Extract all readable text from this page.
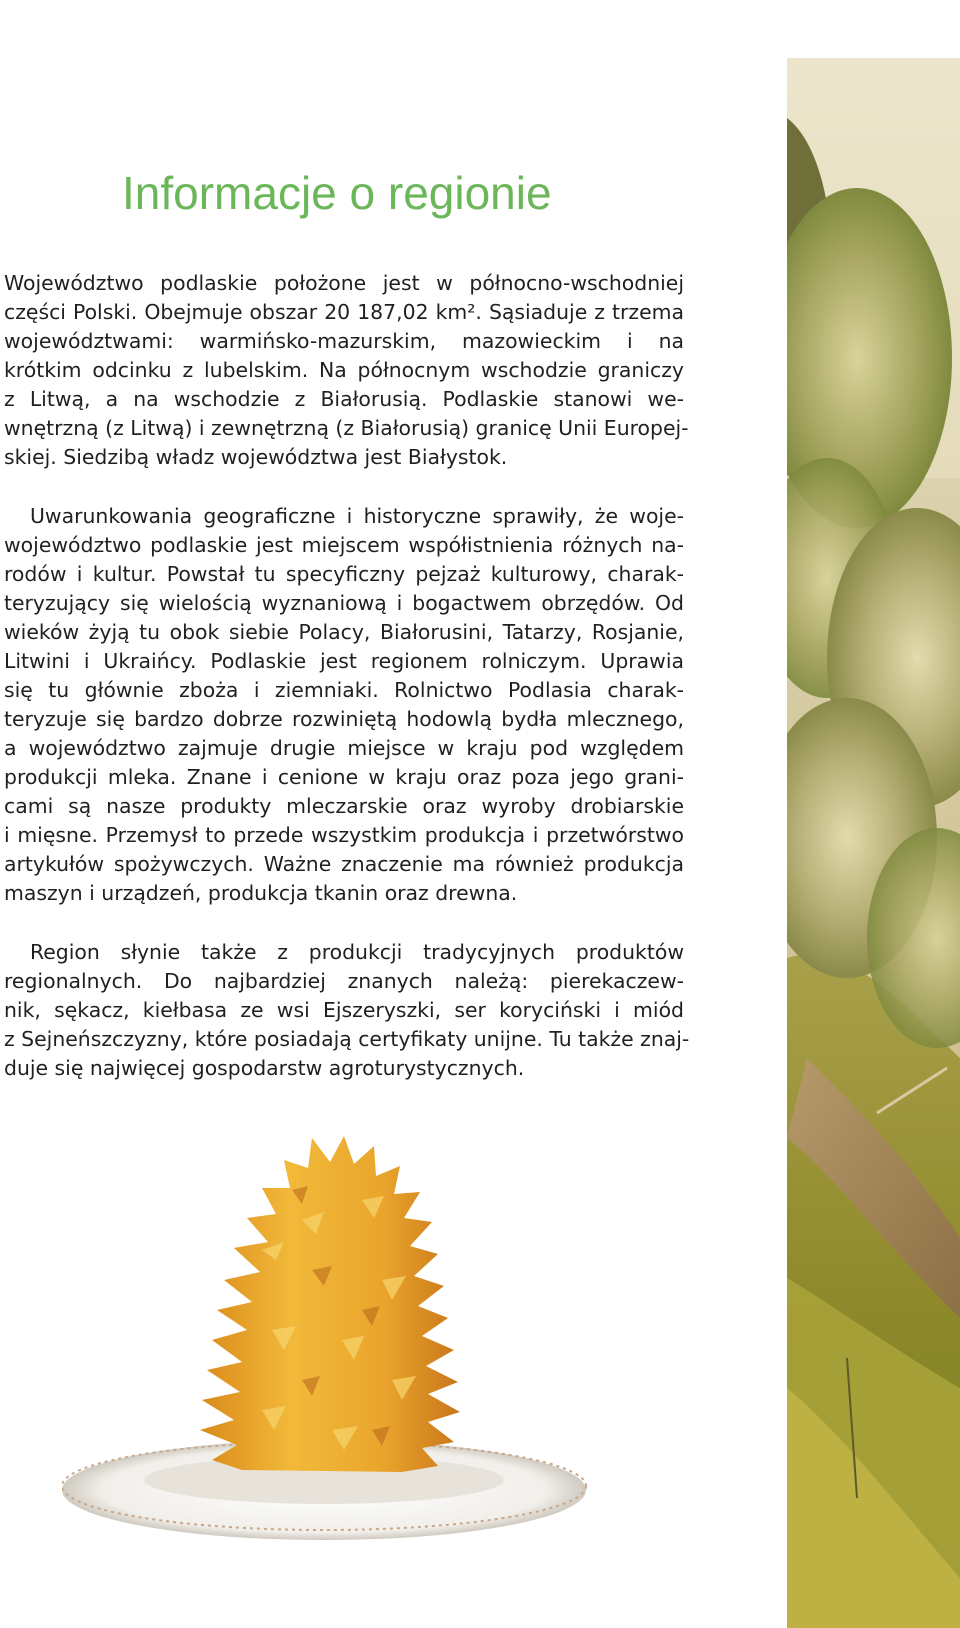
Informacje o regionie

Województwo podlaskie położone jest w północno-wschodniej
części Polski. Obejmuje obszar 20 187,02 km². Sąsiaduje z trzema
województwami: warmińsko-mazurskim, mazowieckim i na
krótkim odcinku z lubelskim. Na północnym wschodzie graniczy
z Litwą, a na wschodzie z Białorusią. Podlaskie stanowi we-
wnętrzną (z Litwą) i zewnętrzną (z Białorusią) granicę Unii Europej-
skiej. Siedzibą władz województwa jest Białystok.

Uwarunkowania geograficzne i historyczne sprawiły, że woje-
województwo podlaskie jest miejscem współistnienia różnych na-
rodów i kultur. Powstał tu specyficzny pejzaż kulturowy, charak-
teryzujący się wielością wyznaniową i bogactwem obrzędów. Od
wieków żyją tu obok siebie Polacy, Białorusini, Tatarzy, Rosjanie,
Litwini i Ukraińcy. Podlaskie jest regionem rolniczym. Uprawia
się tu głównie zboża i ziemniaki. Rolnictwo Podlasia charak-
teryzuje się bardzo dobrze rozwiniętą hodowlą bydła mlecznego,
a województwo zajmuje drugie miejsce w kraju pod względem
produkcji mleka. Znane i cenione w kraju oraz poza jego grani-
cami są nasze produkty mleczarskie oraz wyroby drobiarskie
i mięsne. Przemysł to przede wszystkim produkcja i przetwórstwo
artykułów spożywczych. Ważne znaczenie ma również produkcja
maszyn i urządzeń, produkcja tkanin oraz drewna.

Region słynie także z produkcji tradycyjnych produktów
regionalnych. Do najbardziej znanych należą: pierekaczew-
nik, sękacz, kiełbasa ze wsi Ejszeryszki, ser koryciński i miód
z Sejneńszczyzny, które posiadają certyfikaty unijne. Tu także znaj-
duje się najwięcej gospodarstw agroturystycznych.
